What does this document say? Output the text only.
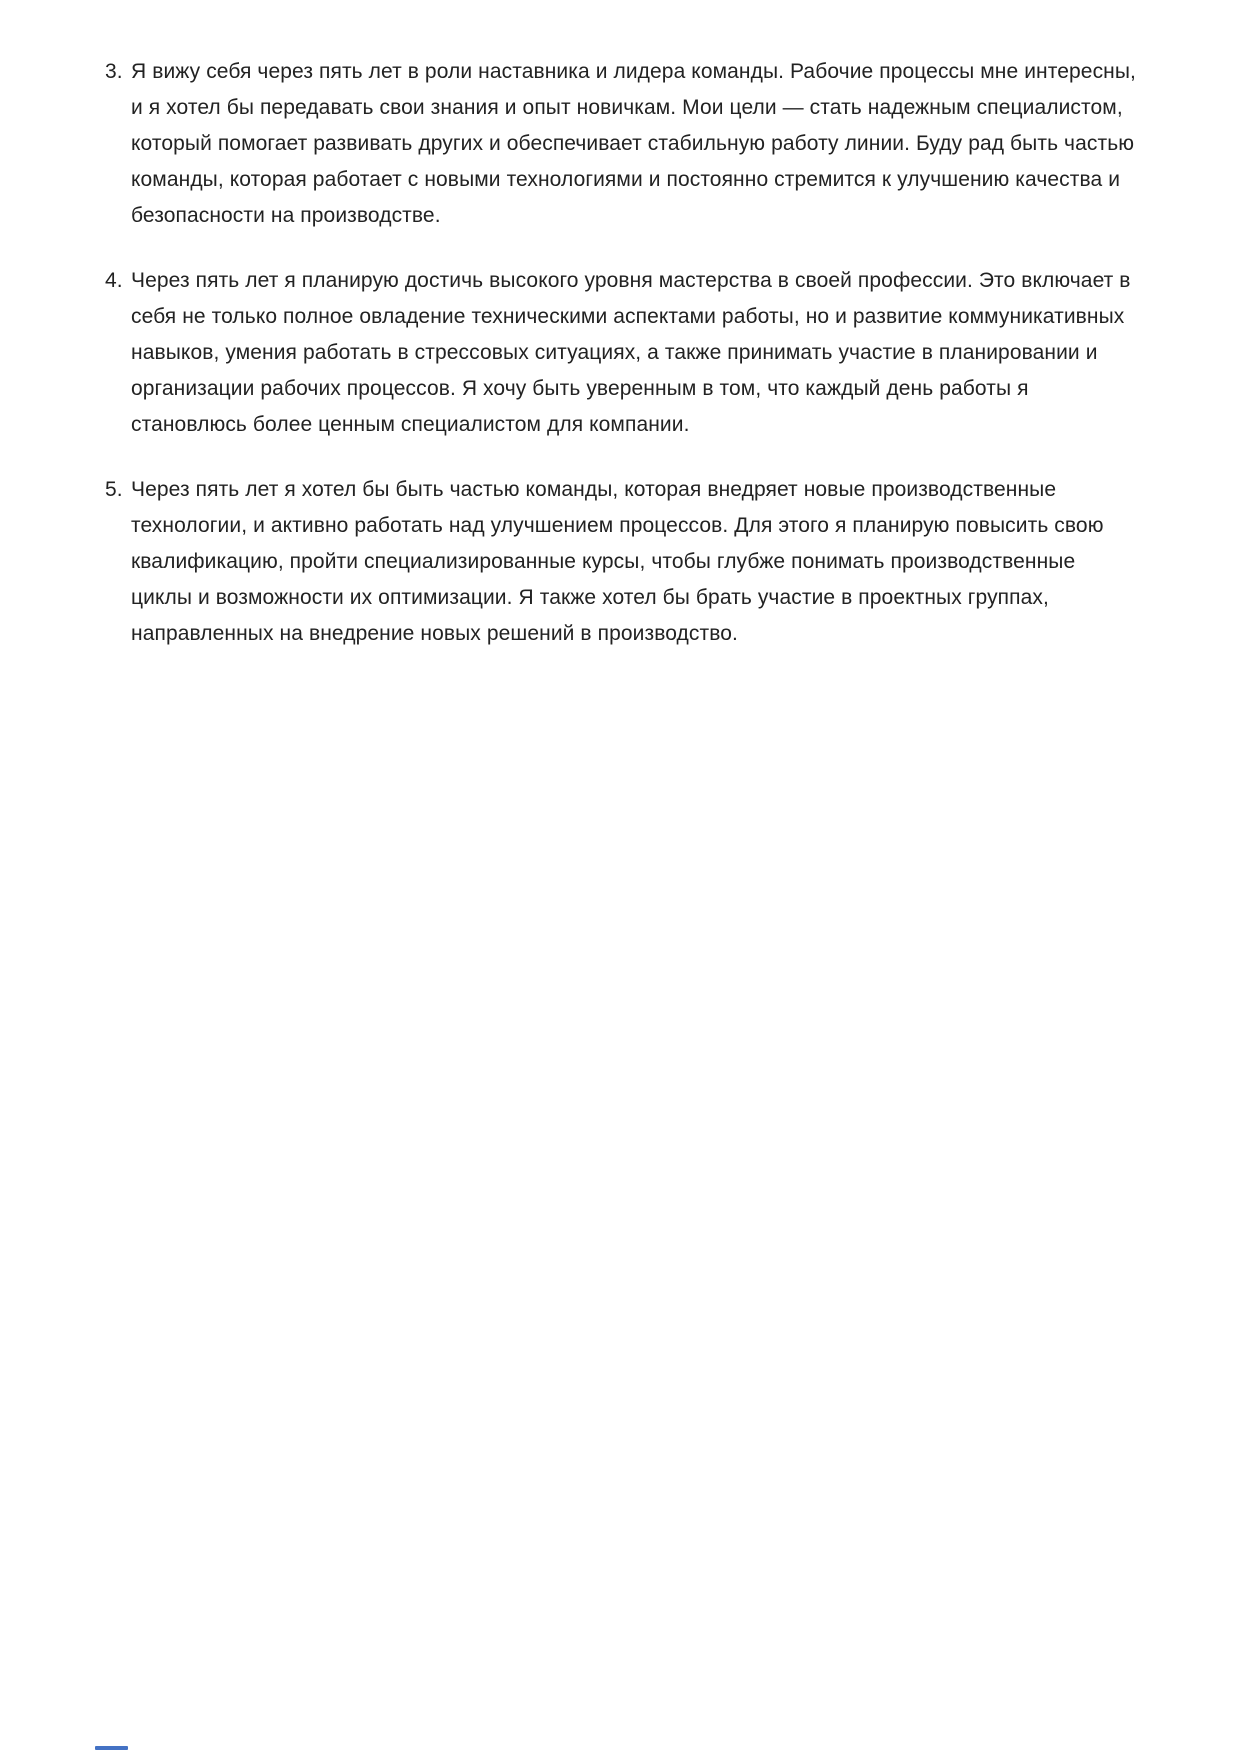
3. Я вижу себя через пять лет в роли наставника и лидера команды. Рабочие процессы мне интересны, и я хотел бы передавать свои знания и опыт новичкам. Мои цели — стать надежным специалистом, который помогает развивать других и обеспечивает стабильную работу линии. Буду рад быть частью команды, которая работает с новыми технологиями и постоянно стремится к улучшению качества и безопасности на производстве.

4. Через пять лет я планирую достичь высокого уровня мастерства в своей профессии. Это включает в себя не только полное овладение техническими аспектами работы, но и развитие коммуникативных навыков, умения работать в стрессовых ситуациях, а также принимать участие в планировании и организации рабочих процессов. Я хочу быть уверенным в том, что каждый день работы я становлюсь более ценным специалистом для компании.

5. Через пять лет я хотел бы быть частью команды, которая внедряет новые производственные технологии, и активно работать над улучшением процессов. Для этого я планирую повысить свою квалификацию, пройти специализированные курсы, чтобы глубже понимать производственные циклы и возможности их оптимизации. Я также хотел бы брать участие в проектных группах, направленных на внедрение новых решений в производство.
